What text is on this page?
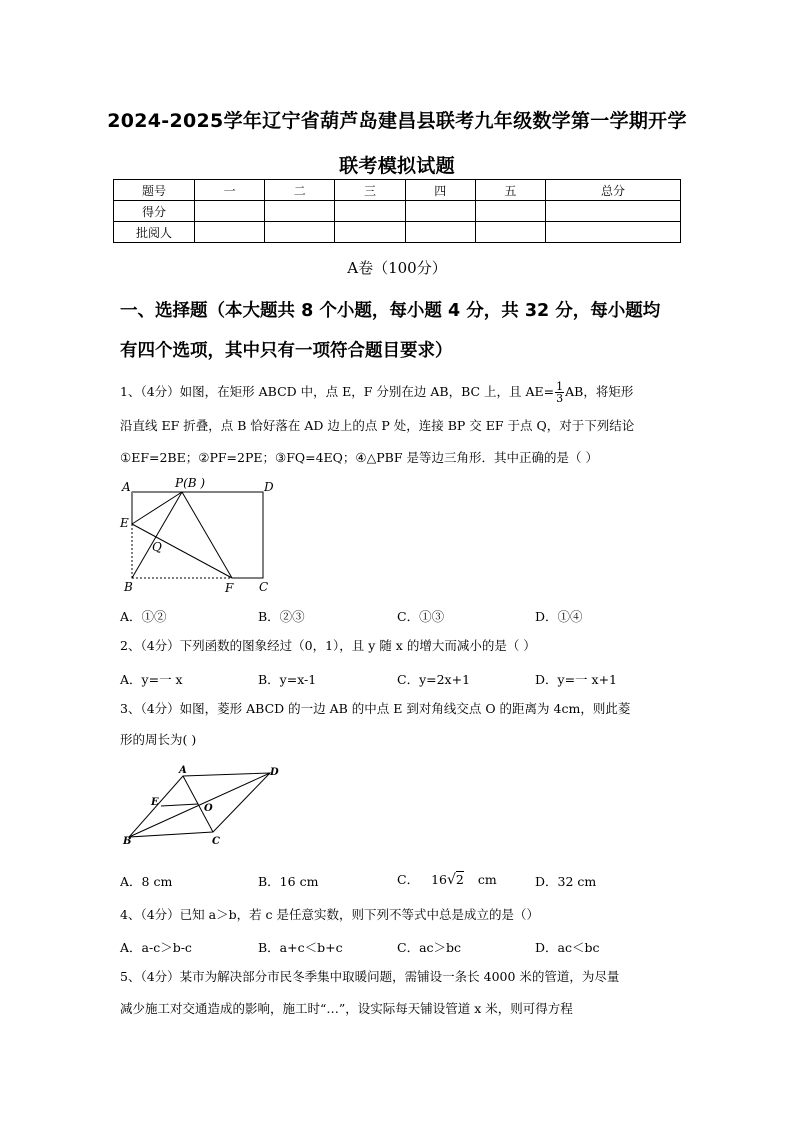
2024-2025学年辽宁省葫芦岛建昌县联考九年级数学第一学期开学
联考模拟试题
题号	一	二	三	四	五	总分
得分						
批阅人						
A卷（100分）
一、选择题（本大题共 8 个小题，每小题 4 分，共 32 分，每小题均
有四个选项，其中只有一项符合题目要求）
1、（4分）如图，在矩形 ABCD 中，点 E，F 分别在边 AB，BC 上，且 $AE= \frac{1}{3}$ AB，将矩形
沿直线 EF 折叠，点 B 恰好落在 AD 边上的点 P 处，连接 BP 交 EF 于点 Q，对于下列结论
①EF=2BE；②PF=2PE；③FQ=4EQ；④△PBF 是等边三角形．其中正确的是（ ）
A	P(B )	D
E
Q
B	F C
A．①②	B．②③	C．①③	D．①④
2、（4分）下列函数的图象经过（0，1），且 y 随 x 的增大而减小的是（ ）
A．y=一 x	B．y=x-1	C．y=2x+1	D．y=一 x+1
3、（4分）如图，菱形 ABCD 的一边 AB 的中点 E 到对角线交点 O 的距离为 4cm，则此菱
形的周长为( )
A	D
E
O
B	C
A．8 cm	B．16 cm	C． 16√2 cm	D．32 cm
4、（4分）已知 a＞b，若 c 是任意实数，则下列不等式中总是成立的是（）
A．a-c＞b-c	B．a+c＜b+c	C．ac＞bc	D．ac＜bc
5、（4分）某市为解决部分市民冬季集中取暖问题，需铺设一条长 4000 米的管道，为尽量
减少施工对交通造成的影响，施工时“…”，设实际每天铺设管道 x 米，则可得方程
